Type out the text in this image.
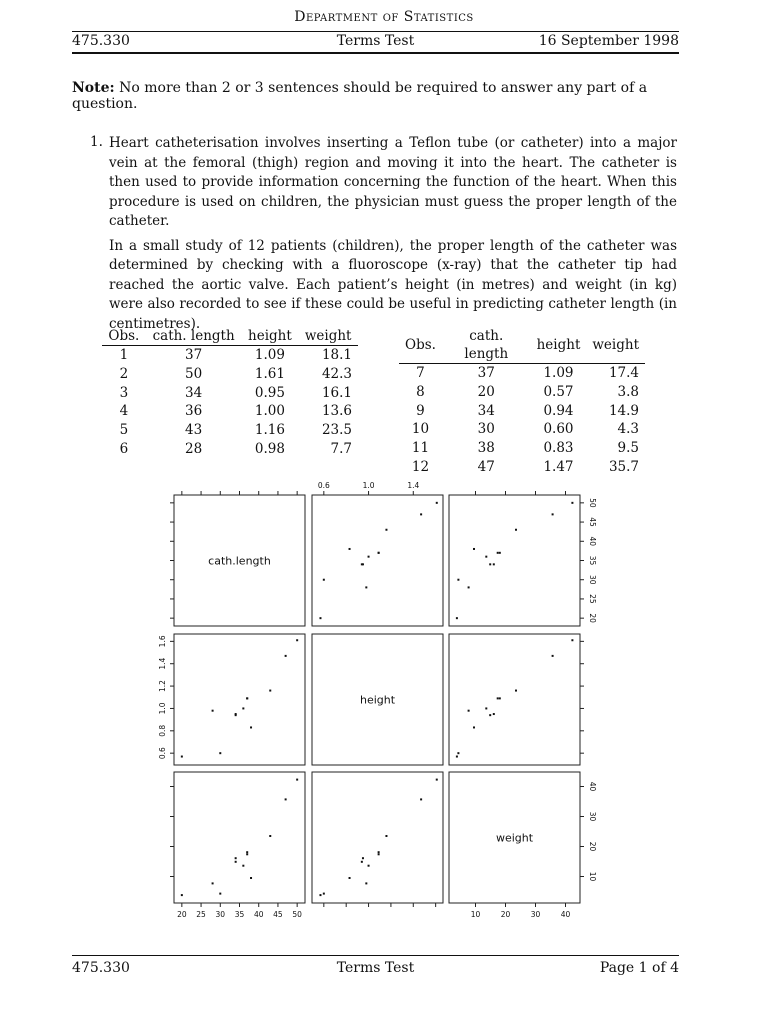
Department of Statistics
475.330	Terms Test	16 September 1998
Note: No more than 2 or 3 sentences should be required to answer any part of a question.
1. Heart catheterisation involves inserting a Teflon tube (or catheter) into a major vein at the femoral (thigh) region and moving it into the heart. The catheter is then used to provide information concerning the function of the heart. When this procedure is used on children, the physician must guess the proper length of the catheter.

In a small study of 12 patients (children), the proper length of the catheter was determined by checking with a fluoroscope (x-ray) that the catheter tip had reached the aortic valve. Each patient’s height (in metres) and weight (in kg) were also recorded to see if these could be useful in predicting catheter length (in centimetres).

Obs.	cath. length	height	weight
1	37	1.09	18.1
2	50	1.61	42.3
3	34	0.95	16.1
4	36	1.00	13.6
5	43	1.16	23.5
6	28	0.98	7.7
Obs.	cath. length	height	weight
7	37	1.09	17.4
8	20	0.57	3.8
9	34	0.94	14.9
10	30	0.60	4.3
11	38	0.83	9.5
12	47	1.47	35.7
cath.length
height
weight
20 25 30 35 40 45 50	10	20	30	40
0.6	1.0	1.4
0.6
0.8
1.0
1.2
1.4
1.6
20
25
30
35
40
45
50
10
20
30
40
475.330	Terms Test	Page 1 of 4
